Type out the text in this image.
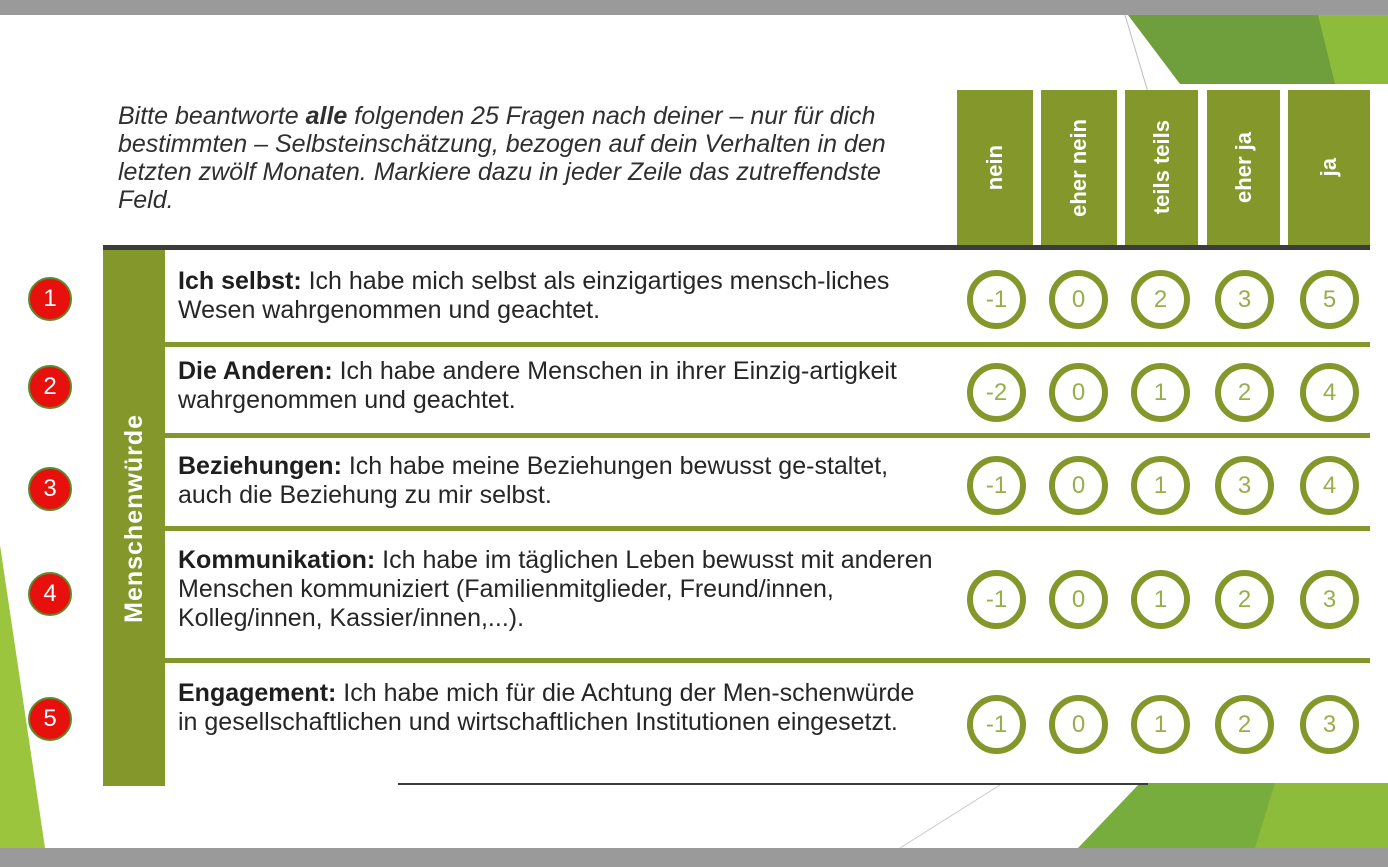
Bitte beantworte alle folgenden 25 Fragen nach deiner – nur für dich bestimmten – Selbsteinschätzung, bezogen auf dein Verhalten in den letzten zwölf Monaten. Markiere dazu in jeder Zeile das zutreffendste Feld.
nein	eher nein	teils teils	eher ja	ja
Menschenwürde
1
Ich selbst: Ich habe mich selbst als einzigartiges mensch-liches Wesen wahrgenommen und geachtet.	-1	0	2	3	5
2
Die Anderen: Ich habe andere Menschen in ihrer Einzig-artigkeit wahrgenommen und geachtet.	-2	0	1	2	4
3
Beziehungen: Ich habe meine Beziehungen bewusst ge-staltet, auch die Beziehung zu mir selbst.	-1	0	1	3	4
4
Kommunikation: Ich habe im täglichen Leben bewusst mit anderen Menschen kommuniziert (Familienmitglieder, Freund/innen, Kolleg/innen, Kassier/innen,...).
-1	0	1	2	3
5
Engagement: Ich habe mich für die Achtung der Men-schenwürde in gesellschaftlichen und wirtschaftlichen Institutionen eingesetzt.	-1	0	1	2	3
